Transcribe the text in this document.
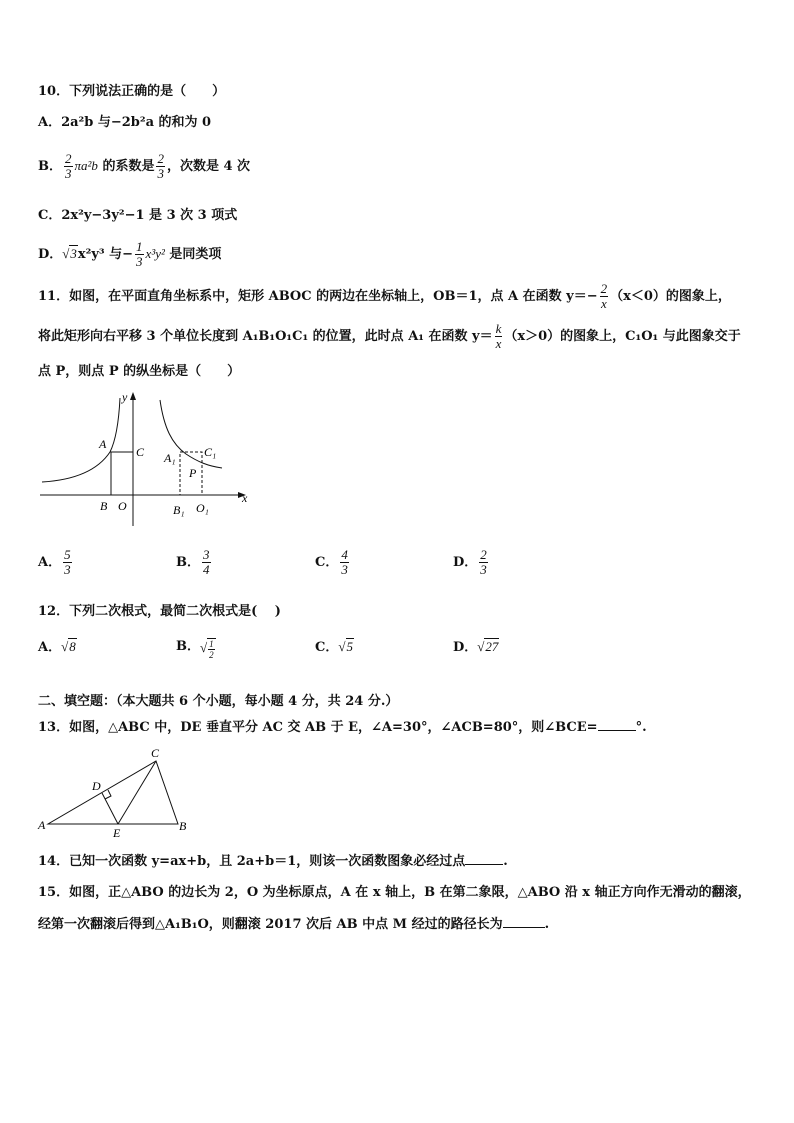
10．下列说法正确的是（　　）
A．2a²b 与−2b²a 的和为 0
B． $\frac{2}{3} \pi a^2b$ 的系数是 $\frac{2}{3}$ ，次数是 4 次
C．2x²y−3y²−1 是 3 次 3 项式
D．√3x²y³ 与− $\frac{1}{3} x^3y^2$ 是同类项
11．如图，在平面直角坐标系中，矩形 ABOC 的两边在坐标轴上，OB＝1，点 A 在函数 $y=- \frac{2}{x} (x<0)$的图象上，
将此矩形向右平移 3 个单位长度到 A₁B₁O₁C₁ 的位置，此时点 A₁ 在函数 $y= \frac{k}{x} (x>0)$的图象上，C₁O₁ 与此图象交于
点 P，则点 P 的纵坐标是（　　）
y
x
A
C
B O
A₁ C₁
P
B₁ O₁
A． $\frac{5}{3}$	B． $\frac{3}{4}$	C． $\frac{4}{3}$	D． $\frac{2}{3}$
12．下列二次根式，最简二次根式是(　 )
A．√8	B．√ $\frac{1}{2}$	C．√5	D．√27
二、填空题：（本大题共 6 个小题，每小题 4 分，共 24 分.）
13．如图，△ABC 中，DE 垂直平分 AC 交 AB 于 E，∠A=30°，∠ACB=80°，则∠BCE=	°.
A	B
C
D
E
14．已知一次函数 y=ax+b，且 2a+b＝1，则该一次函数图象必经过点	.
15．如图，正△ABO 的边长为 2，O 为坐标原点，A 在 x 轴上，B 在第二象限，△ABO 沿 x 轴正方向作无滑动的翻滚，
经第一次翻滚后得到△A₁B₁O，则翻滚 2017 次后 AB 中点 M 经过的路径长为	.
